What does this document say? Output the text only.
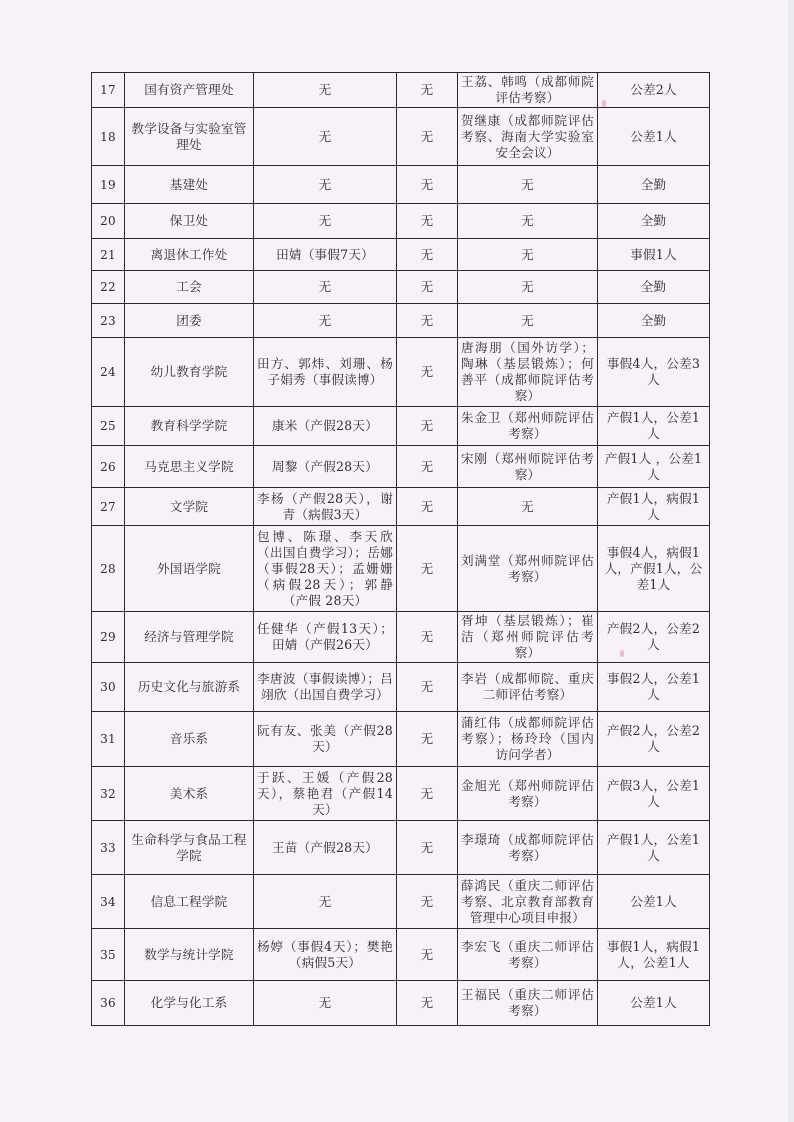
17	国有资产管理处	无	无	王荔、韩鸣（成都师院评估考察）	公差2人
18	教学设备与实验室管理处	无	无	贺继康（成都师院评估考察、海南大学实验室安全会议）	公差1人
19	基建处	无	无	无	全勤
20	保卫处	无	无	无	全勤
21	离退休工作处	田婧（事假7天）	无	无	事假1人
22	工会	无	无	无	全勤
23	团委	无	无	无	全勤
24	幼儿教育学院	田方、郭炜、刘珊、杨子娟秀（事假读博）	无	唐海朋（国外访学）；陶琳（基层锻炼）；何善平（成都师院评估考察）	事假4人，公差3人
25	教育科学学院	康米（产假28天）	无	朱金卫（郑州师院评估考察）	产假1人，公差1人
26	马克思主义学院	周黎（产假28天）	无	宋刚（郑州师院评估考察）	产假1人 ，公差1人
27	文学院	李杨（产假28天），谢青（病假3天）	无	无	产假1人，病假1人
28	外国语学院	包博、陈璟、李天欣（出国自费学习）；岳娜（事假28天）；孟姗姗（病假28天）；郭静（产假 28天）	无	刘满堂（郑州师院评估考察）	事假4人，病假1人，产假1人，公差1人
29	经济与管理学院	任健华（产假13天）；田婧（产假26天）	无	胥坤（基层锻炼）；崔洁（郑州师院评估考察）	产假2人，公差2人
30	历史文化与旅游系	李唐波（事假读博）；吕翊欣（出国自费学习）	无	李岩（成都师院、重庆二师评估考察）	事假2人，公差1人
31	音乐系	阮有友、张美（产假28天）	无	蒲红伟（成都师院评估考察）；杨玲玲（国内访问学者）	产假2人，公差2人
32	美术系	于跃、王媛（产假28天），蔡艳君（产假14天）	无	金旭光（郑州师院评估考察）	产假3人，公差1人
33	生命科学与食品工程学院	王苗（产假28天）	无	李璟琦（成都师院评估考察）	产假1人，公差1人
34	信息工程学院	无	无	薛鸿民（重庆二师评估考察、北京教育部教育管理中心项目申报）	公差1人
35	数学与统计学院	杨婷（事假4天）；樊艳（病假5天）	无	李宏飞（重庆二师评估考察）	事假1人，病假1人，公差1人
36	化学与化工系	无	无	王福民（重庆二师评估考察）	公差1人
